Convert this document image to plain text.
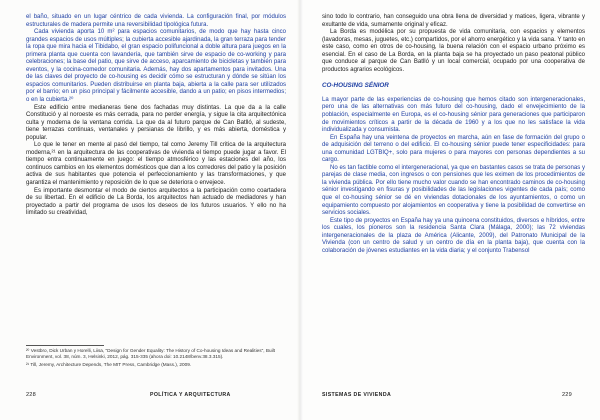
el baño, situado en un lugar céntrico de cada vivienda. La configuración final, por módulos estructurales de madera permite una reversibilidad tipológica futura.

Cada vivienda aporta 10 m² para espacios comunitarios, de modo que hay hasta cinco grandes espacios de usos múltiples; la cubierta accesible ajardinada, la gran terraza para tender la ropa que mira hacia el Tibidabo, el gran espacio polifuncional a doble altura para juegos en la primera planta que cuenta con lavandería, que también sirve de espacio de co-working y para celebraciones; la base del patio, que sirve de acceso, aparcamiento de bicicletas y también para eventos, y la cocina-comedor comunitaria. Además, hay dos apartamentos para invitados. Una de las claves del proyecto de co-housing es decidir cómo se estructuran y dónde se sitúan los espacios comunitarios. Pueden distribuirse en planta baja, abierta a la calle para ser utilizados por el barrio; en un piso principal y fácilmente accesible, dando a un patio; en pisos intermedios; o en la cubierta.²⁰

Este edificio entre medianeras tiene dos fachadas muy distintas. La que da a la calle Constitució y al noroeste es más cerrada, para no perder energía, y sigue la cita arquitectónica culta y moderna de la ventana corrida. La que da al futuro parque de Can Batlló, al sudeste, tiene terrazas continuas, ventanales y persianas de librillo, y es más abierta, doméstica y popular.

Lo que le tener en mente al pasó del tiempo, tal como Jeremy Till critica de la arquitectura moderna,²¹ en la arquitectura de las cooperativas de vivienda el tiempo puede jugar a favor. El tiempo entra continuamente en juego: el tiempo atmosférico y las estaciones del año, los continuos cambios en los elementos domésticos que dan a los corredores del patio y la posición activa de sus habitantes que potencia el perfeccionamiento y las transformaciones, y que garantiza el mantenimiento y reposición de lo que se deteriora o envejece.

Es importante desmontar el modo de ciertos arquitectos a la participación como coartadera de su libertad. En el edificio de La Borda, los arquitectos han actuado de mediadores y han proyectado a partir del programa de usos los deseos de los futuros usuarios. Y ello no ha limitado su creatividad,

²⁰ Vestbro, Dick Urban y Horelli, Liisa, "Design for Gender Equality: The History of Co-housing Ideas and Realities", Built Environment, vol. 38, núm. 3, Helsinki, 2012, pág. 315-335 (ahora doi: 10.2148/benv.38.3.315).
²¹ Till, Jeremy, Architecture Depends, The MIT Press, Cambridge (Mass.), 2009.
228	POLÍTICA Y ARQUITECTURA

sino todo lo contrario, han conseguido una obra llena de diversidad y matices, ligera, vibrante y exultante de vida, sumamente original y eficaz.

La Borda es modélica por su propuesta de vida comunitaria, con espacios y elementos (lavadoras, mesas, juguetes, etc.) compartidos, por el ahorro energético y la vida sana. Y tanto en este caso, como en otros de co-housing, la buena relación con el espacio urbano próximo es esencial. En el caso de La Borda, en la planta baja se ha proyectado un paso peatonal público que conduce al parque de Can Batlló y un local comercial, ocupado por una cooperativa de productos agrarios ecológicos.

CO-HOUSING SÉNIOR

La mayor parte de las experiencias de co-housing que hemos citado son intergeneracionales, pero una de las alternativas con más futuro del co-housing, dado el envejecimiento de la población, especialmente en Europa, es el co-housing sénior para generaciones que participaron de movimientos críticos a partir de la década de 1960 y a los que no les satisface la vida individualizada y consumista.

En España hay una veintena de proyectos en marcha, aún en fase de formación del grupo o de adquisición del terreno o del edificio. El co-housing sénior puede tener especificidades: para una comunidad LGTBIQ+, solo para mujeres o para mayores con personas dependientes a su cargo.

No es tan factible como el intergeneracional, ya que en bastantes casos se trata de personas y parejas de clase media, con ingresos o con pensiones que les eximen de los procedimientos de la vivienda pública. Por ello tiene mucho valor cuando se han encontrado caminos de co-housing sénior investigando en fisuras y posibilidades de las legislaciones vigentes de cada país; como que el co-housing sénior se dé en viviendas dotacionales de los ayuntamientos, o como un equipamiento compuesto por alojamientos en cooperativa y tiene la posibilidad de convertirse en servicios sociales.

Este tipo de proyectos en España hay ya una quincena constituidos, diversos e híbridos, entre los cuales, los pioneros son la residencia Santa Clara (Málaga, 2000); las 72 viviendas intergeneracionales de la plaza de América (Alicante, 2009), del Patronato Municipal de la Vivienda (con un centro de salud y un centro de día en la planta baja), que cuenta con la colaboración de jóvenes estudiantes en la vida diaria; y el conjunto Trabensol

SISTEMAS DE VIVIENDA	229
